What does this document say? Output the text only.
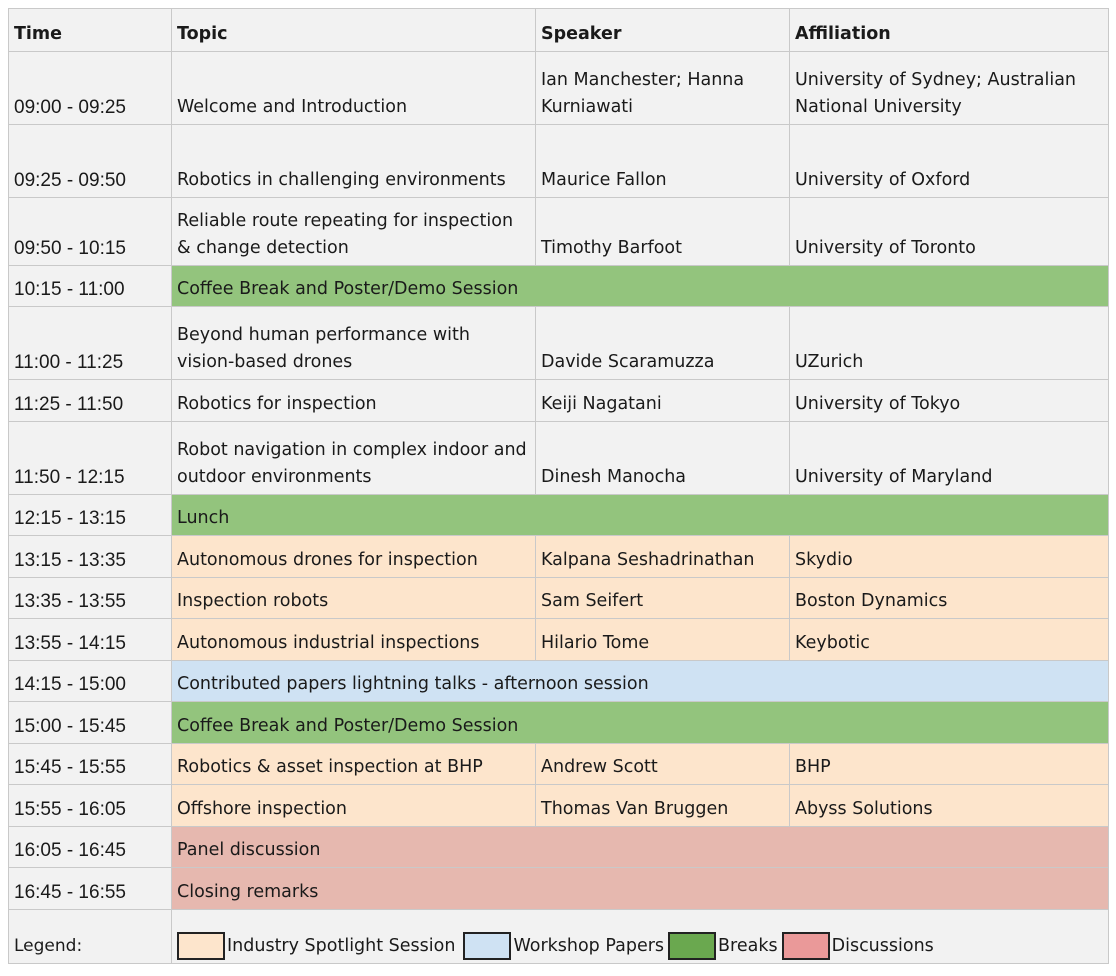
Time	Topic	Speaker	Affiliation
09:00 - 09:25	Welcome and Introduction	Ian Manchester; Hanna Kurniawati	University of Sydney; Australian National University
09:25 - 09:50	Robotics in challenging environments	Maurice Fallon	University of Oxford
09:50 - 10:15	Reliable route repeating for inspection & change detection	Timothy Barfoot	University of Toronto
10:15 - 11:00	Coffee Break and Poster/Demo Session		
11:00 - 11:25	Beyond human performance with vision-based drones	Davide Scaramuzza	UZurich
11:25 - 11:50	Robotics for inspection	Keiji Nagatani	University of Tokyo
11:50 - 12:15	Robot navigation in complex indoor and outdoor environments	Dinesh Manocha	University of Maryland
12:15 - 13:15	Lunch		
13:15 - 13:35	Autonomous drones for inspection	Kalpana Seshadrinathan	Skydio
13:35 - 13:55	Inspection robots	Sam Seifert	Boston Dynamics
13:55 - 14:15	Autonomous industrial inspections	Hilario Tome	Keybotic
14:15 - 15:00	Contributed papers lightning talks - afternoon session		
15:00 - 15:45	Coffee Break and Poster/Demo Session		
15:45 - 15:55	Robotics & asset inspection at BHP	Andrew Scott	BHP
15:55 - 16:05	Offshore inspection	Thomas Van Bruggen	Abyss Solutions
16:05 - 16:45	Panel discussion		
16:45 - 16:55	Closing remarks		
Legend:	Industry Spotlight Session Workshop Papers Breaks Discussions		
